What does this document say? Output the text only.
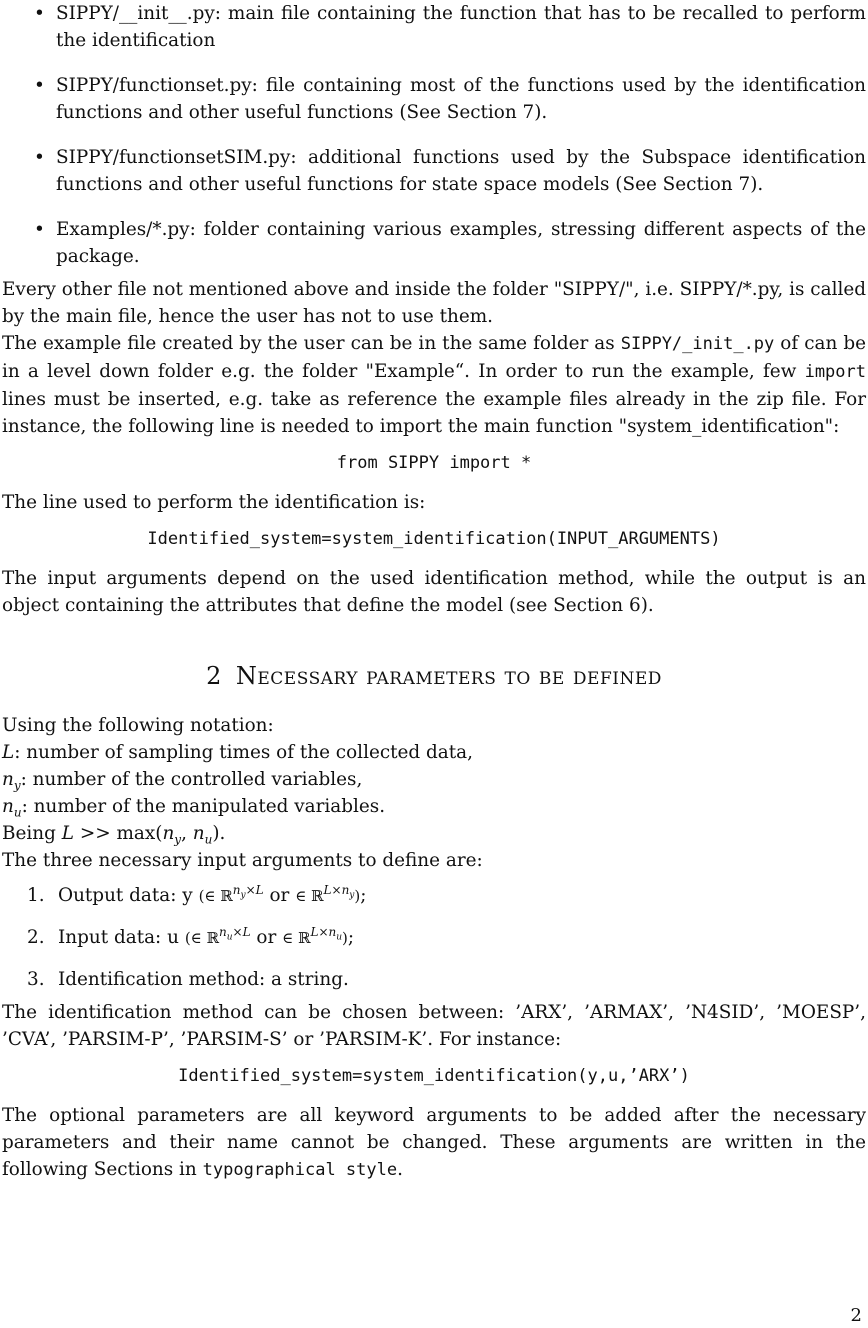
• SIPPY/__init__.py: main file containing the function that has to be recalled to perform the identification
• SIPPY/functionset.py: file containing most of the functions used by the identification functions and other useful functions (See Section 7).
• SIPPY/functionsetSIM.py: additional functions used by the Subspace identification functions and other useful functions for state space models (See Section 7).
• Examples/*.py: folder containing various examples, stressing different aspects of the package.

Every other file not mentioned above and inside the folder "SIPPY/", i.e. SIPPY/*.py, is called by the main file, hence the user has not to use them.

The example file created by the user can be in the same folder as SIPPY/_init_.py of can be in a level down folder e.g. the folder "Example“. In order to run the example, few import lines must be inserted, e.g. take as reference the example files already in the zip file. For instance, the following line is needed to import the main function "system_identification":

from SIPPY import *

The line used to perform the identification is:

Identified_system=system_identification(INPUT_ARGUMENTS)

The input arguments depend on the used identification method, while the output is an object containing the attributes that define the model (see Section 6).

2 Necessary parameters to be defined

Using the following notation:

L: number of sampling times of the collected data,

$n_y$: number of the controlled variables,

$n_u$: number of the manipulated variables.

Being $L >> \max(n_y$, $n_u$).

The three necessary input arguments to define are:

1. Output data: y (∈ ℝ$^{n_y\times L}$ or ∈ ℝ$^{L\times n_y}$);
2. Input data: u (∈ ℝ$^{n_u\times L}$ or ∈ ℝ$^{L\times n_u}$);
3. Identification method: a string.

The identification method can be chosen between: ’ARX’, ’ARMAX’, ’N4SID’, ’MOESP’, ’CVA’, ’PARSIM-P’, ’PARSIM-S’ or ’PARSIM-K’. For instance:

Identified_system=system_identification(y,u,’ARX’)

The optional parameters are all keyword arguments to be added after the necessary parameters and their name cannot be changed. These arguments are written in the following Sections in typographical style.

2
